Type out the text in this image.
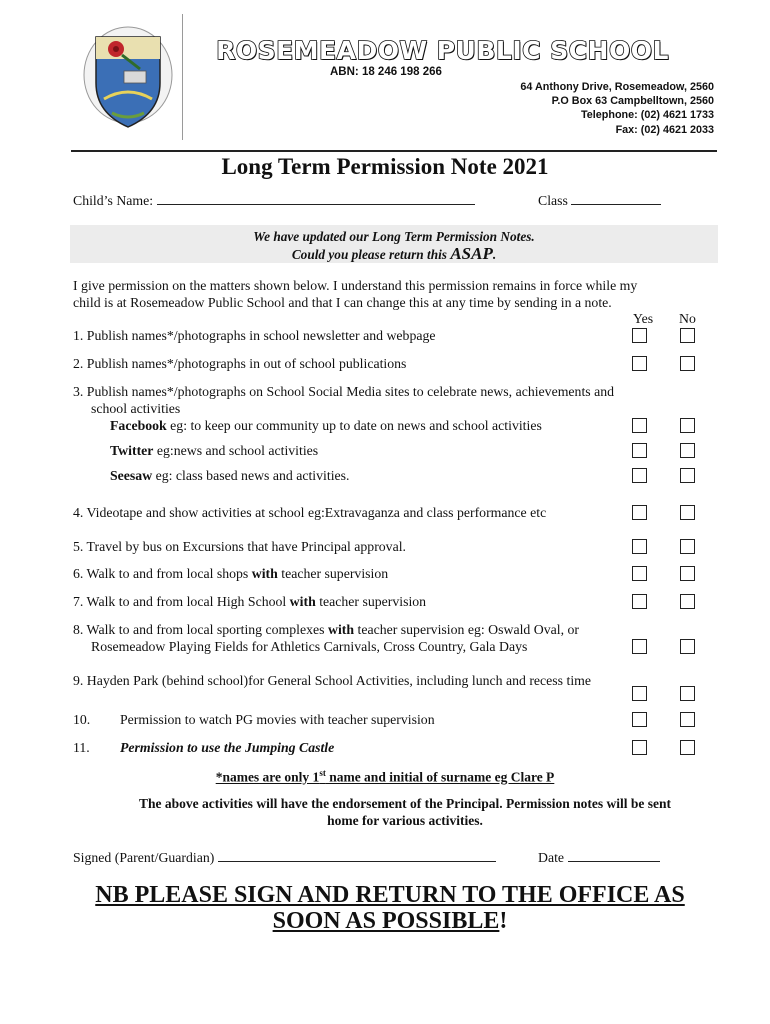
ROSEMEADOW PUBLIC SCHOOL
ABN: 18 246 198 266
64 Anthony Drive, Rosemeadow, 2560
P.O Box 63 Campbelltown, 2560
Telephone: (02) 4621 1733
Fax: (02) 4621 2033
Long Term Permission Note 2021
Child’s Name:	Class
We have updated our Long Term Permission Notes.
Could you please return this ASAP.
I give permission on the matters shown below. I understand this permission remains in force while my
child is at Rosemeadow Public School and that I can change this at any time by sending in a note.
Yes No
1. Publish names*/photographs in school newsletter and webpage
2. Publish names*/photographs in out of school publications
3. Publish names*/photographs on School Social Media sites to celebrate news, achievements and
school activities
Facebook eg: to keep our community up to date on news and school activities
Twitter eg:news and school activities
Seesaw eg: class based news and activities.
4. Videotape and show activities at school eg:Extravaganza and class performance etc
5. Travel by bus on Excursions that have Principal approval.
6. Walk to and from local shops with teacher supervision
7. Walk to and from local High School with teacher supervision
8. Walk to and from local sporting complexes with teacher supervision eg: Oswald Oval, or
Rosemeadow Playing Fields for Athletics Carnivals, Cross Country, Gala Days
9. Hayden Park (behind school)for General School Activities, including lunch and recess time
10. Permission to watch PG movies with teacher supervision
11. Permission to use the Jumping Castle
*names are only 1st name and initial of surname eg Clare P
The above activities will have the endorsement of the Principal. Permission notes will be sent
home for various activities.
Signed (Parent/Guardian)	Date
NB PLEASE SIGN AND RETURN TO THE OFFICE AS
SOON AS POSSIBLE!
